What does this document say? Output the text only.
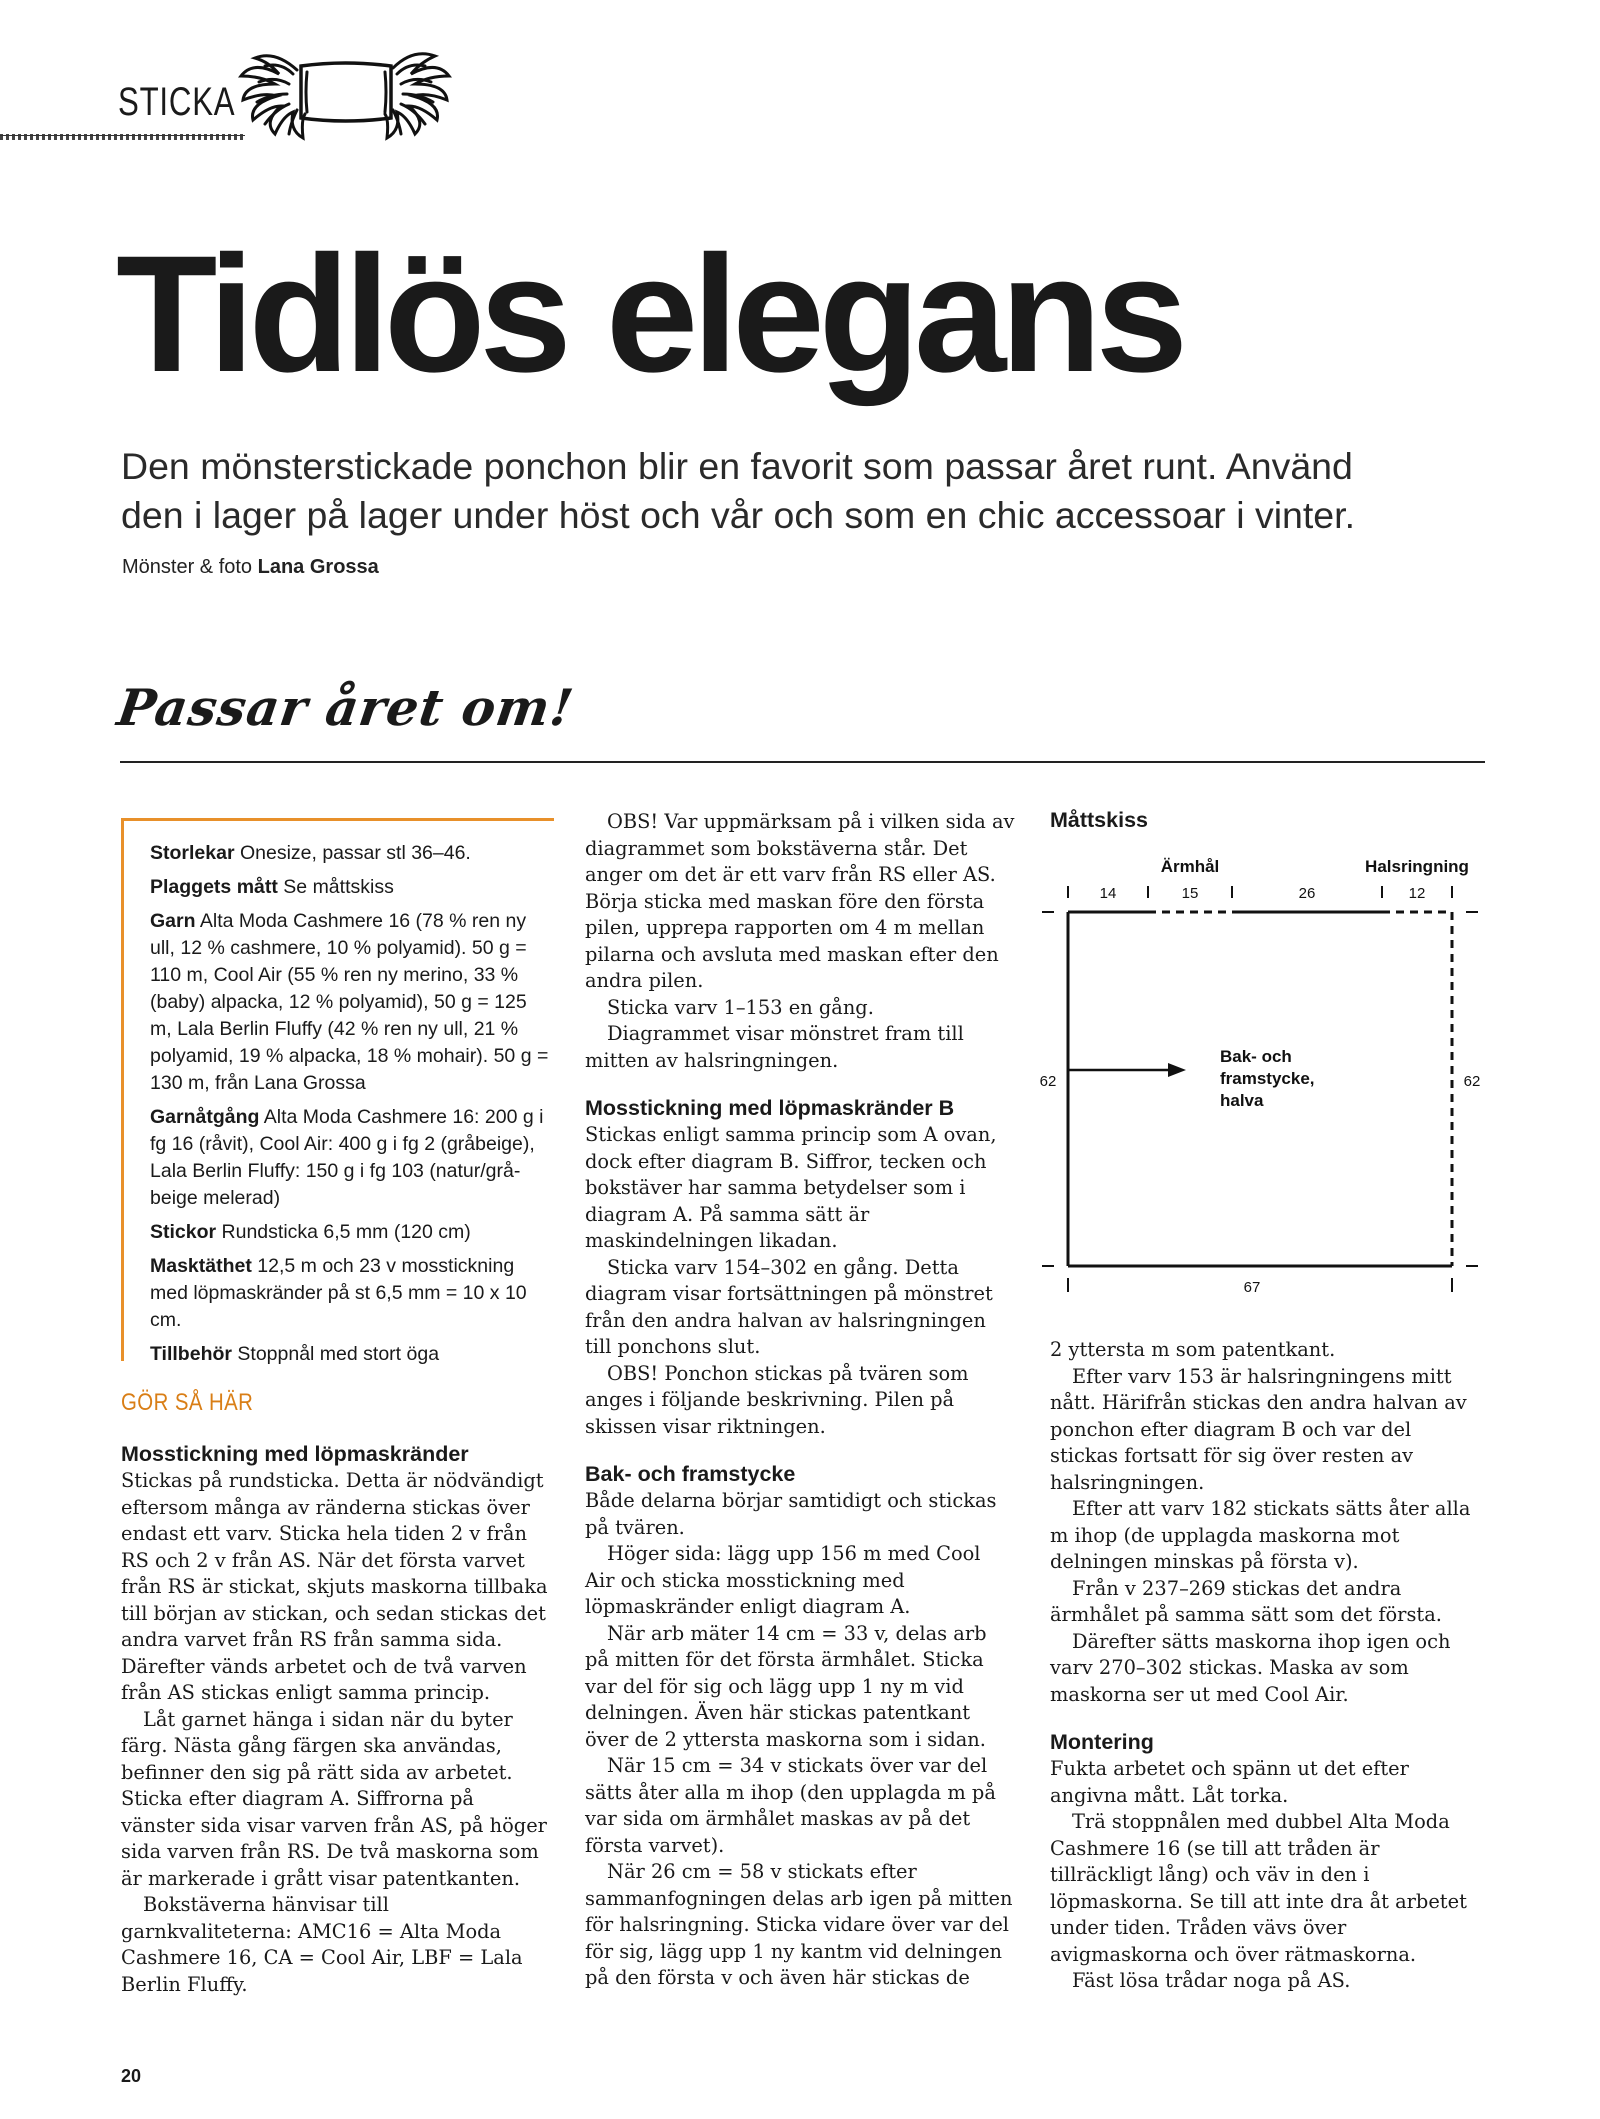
STICKA
Tidlös elegans

Den mönsterstickade ponchon blir en favorit som passar året runt. Använd den i lager på lager under höst och vår och som en chic accessoar i vinter.

Mönster & foto Lana Grossa
Passar året om!

Storlekar Onesize, passar stl 36–46.

Plaggets mått Se måttskiss

Garn Alta Moda Cashmere 16 (78 % ren ny ull, 12 % cashmere, 10 % polyamid). 50 g = 110 m, Cool Air (55 % ren ny merino, 33 % (baby) alpacka, 12 % polyamid), 50 g = 125 m, Lala Berlin Fluffy (42 % ren ny ull, 21 % polyamid, 19 % alpacka, 18 % mohair). 50 g = 130 m, från Lana Grossa

Garnåtgång Alta Moda Cashmere 16: 200 g i fg 16 (råvit), Cool Air: 400 g i fg 2 (gråbeige), Lala Berlin Fluffy: 150 g i fg 103 (natur/grå-beige melerad)

Stickor Rundsticka 6,5 mm (120 cm)

Masktäthet 12,5 m och 23 v mosstickning med löpmaskränder på st 6,5 mm = 10 x 10 cm.

Tillbehör Stoppnål med stort öga

GÖR SÅ HÄR
Mosstickning med löpmaskränder

Stickas på rundsticka. Detta är nödvändigt eftersom många av ränderna stickas över endast ett varv. Sticka hela tiden 2 v från RS och 2 v från AS. När det första varvet från RS är stickat, skjuts maskorna tillbaka till början av stickan, och sedan stickas det andra varvet från RS från samma sida. Därefter vänds arbetet och de två varven från AS stickas enligt samma princip.

Låt garnet hänga i sidan när du byter färg. Nästa gång färgen ska användas, befinner den sig på rätt sida av arbetet. Sticka efter diagram A. Siffrorna på vänster sida visar varven från AS, på höger sida varven från RS. De två maskorna som är markerade i grått visar patentkanten.

Bokstäverna hänvisar till garnkvaliteterna: AMC16 = Alta Moda Cashmere 16, CA = Cool Air, LBF = Lala Berlin Fluffy.

OBS! Var uppmärksam på i vilken sida av diagrammet som bokstäverna står. Det anger om det är ett varv från RS eller AS. Börja sticka med maskan före den första pilen, upprepa rapporten om 4 m mellan pilarna och avsluta med maskan efter den andra pilen.

Sticka varv 1–153 en gång.

Diagrammet visar mönstret fram till mitten av halsringningen.

Mosstickning med löpmaskränder B

Stickas enligt samma princip som A ovan, dock efter diagram B. Siffror, tecken och bokstäver har samma betydelser som i diagram A. På samma sätt är maskindelningen likadan.

Sticka varv 154–302 en gång. Detta diagram visar fortsättningen på mönstret från den andra halvan av halsringningen till ponchons slut.

OBS! Ponchon stickas på tvären som anges i följande beskrivning. Pilen på skissen visar riktningen.

Bak- och framstycke

Både delarna börjar samtidigt och stickas på tvären.

Höger sida: lägg upp 156 m med Cool Air och sticka mosstickning med löpmaskränder enligt diagram A.

När arb mäter 14 cm = 33 v, delas arb på mitten för det första ärmhålet. Sticka var del för sig och lägg upp 1 ny m vid delningen. Även här stickas patentkant över de 2 yttersta maskorna som i sidan.

När 15 cm = 34 v stickats över var del sätts åter alla m ihop (den upplagda m på var sida om ärmhålet maskas av på det första varvet).

När 26 cm = 58 v stickats efter sammanfogningen delas arb igen på mitten för halsringning. Sticka vidare över var del för sig, lägg upp 1 ny kantm vid delningen på den första v och även här stickas de

Måttskiss
Ärmhål	Halsringning
14	15	26	12
62	62
67
Bak- och
framstycke,
halva

2 yttersta m som patentkant.

Efter varv 153 är halsringningens mitt nått. Härifrån stickas den andra halvan av ponchon efter diagram B och var del stickas fortsatt för sig över resten av halsringningen.

Efter att varv 182 stickats sätts åter alla m ihop (de upplagda maskorna mot delningen minskas på första v).

Från v 237–269 stickas det andra ärmhålet på samma sätt som det första.

Därefter sätts maskorna ihop igen och varv 270–302 stickas. Maska av som maskorna ser ut med Cool Air.

Montering

Fukta arbetet och spänn ut det efter angivna mått. Låt torka.

Trä stoppnålen med dubbel Alta Moda Cashmere 16 (se till att tråden är tillräckligt lång) och väv in den i löpmaskorna. Se till att inte dra åt arbetet under tiden. Tråden vävs över avigmaskorna och över rätmaskorna.

Fäst lösa trådar noga på AS.

20
